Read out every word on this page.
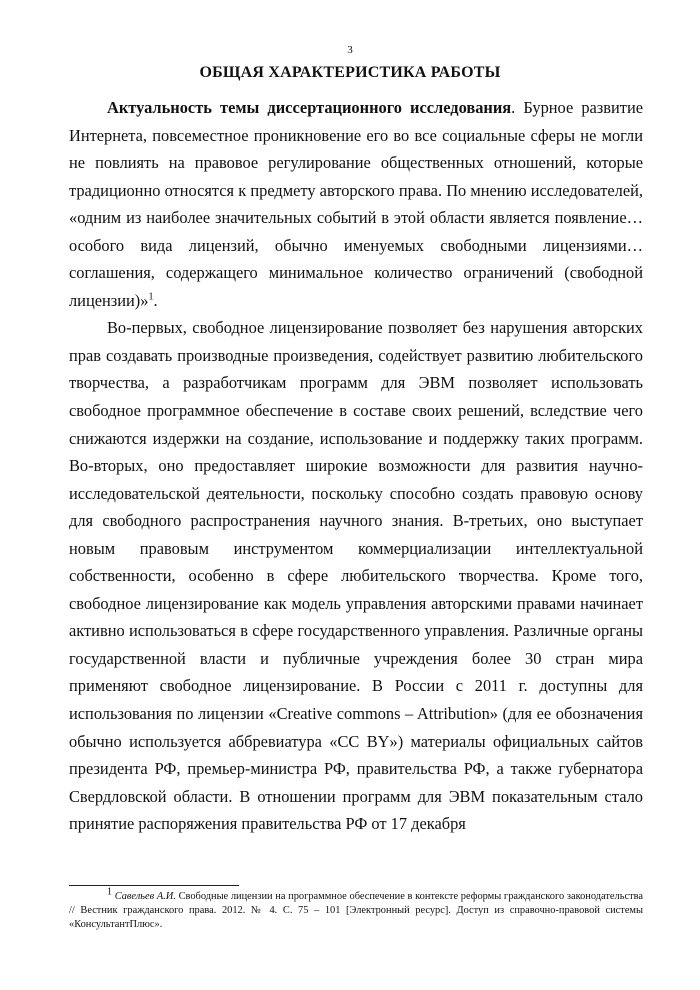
3
ОБЩАЯ ХАРАКТЕРИСТИКА РАБОТЫ

Актуальность темы диссертационного исследования. Бурное развитие Интернета, повсеместное проникновение его во все социальные сферы не могли не повлиять на правовое регулирование общественных отношений, которые традиционно относятся к предмету авторского права. По мнению исследователей, «одним из наиболее значительных событий в этой области является появление… особого вида лицензий, обычно именуемых свободными лицензиями… соглашения, содержащего минимальное количество ограничений (свободной лицензии)»$^1$.

Во-первых, свободное лицензирование позволяет без нарушения авторских прав создавать производные произведения, содействует развитию любительского творчества, а разработчикам программ для ЭВМ позволяет использовать свободное программное обеспечение в составе своих решений, вследствие чего снижаются издержки на создание, использование и поддержку таких программ. Во-вторых, оно предоставляет широкие возможности для развития научно-исследовательской деятельности, поскольку способно создать правовую основу для свободного распространения научного знания. В-третьих, оно выступает новым правовым инструментом коммерциализации интеллектуальной собственности, особенно в сфере любительского творчества. Кроме того, свободное лицензирование как модель управления авторскими правами начинает активно использоваться в сфере государственного управления. Различные органы государственной власти и публичные учреждения более 30 стран мира применяют свободное лицензирование. В России с 2011 г. доступны для использования по лицензии «Creative commons – Attribution» (для ее обозначения обычно используется аббревиатура «CC BY») материалы официальных сайтов президента РФ, премьер-министра РФ, правительства РФ, а также губернатора Свердловской области. В отношении программ для ЭВМ показательным стало принятие распоряжения правительства РФ от 17 декабря

$^1$ Савельев А.И. Свободные лицензии на программное обеспечение в контексте реформы гражданского законодательства // Вестник гражданского права. 2012. № 4. С. 75 – 101 [Электронный ресурс]. Доступ из справочно-правовой системы «КонсультантПлюс».
